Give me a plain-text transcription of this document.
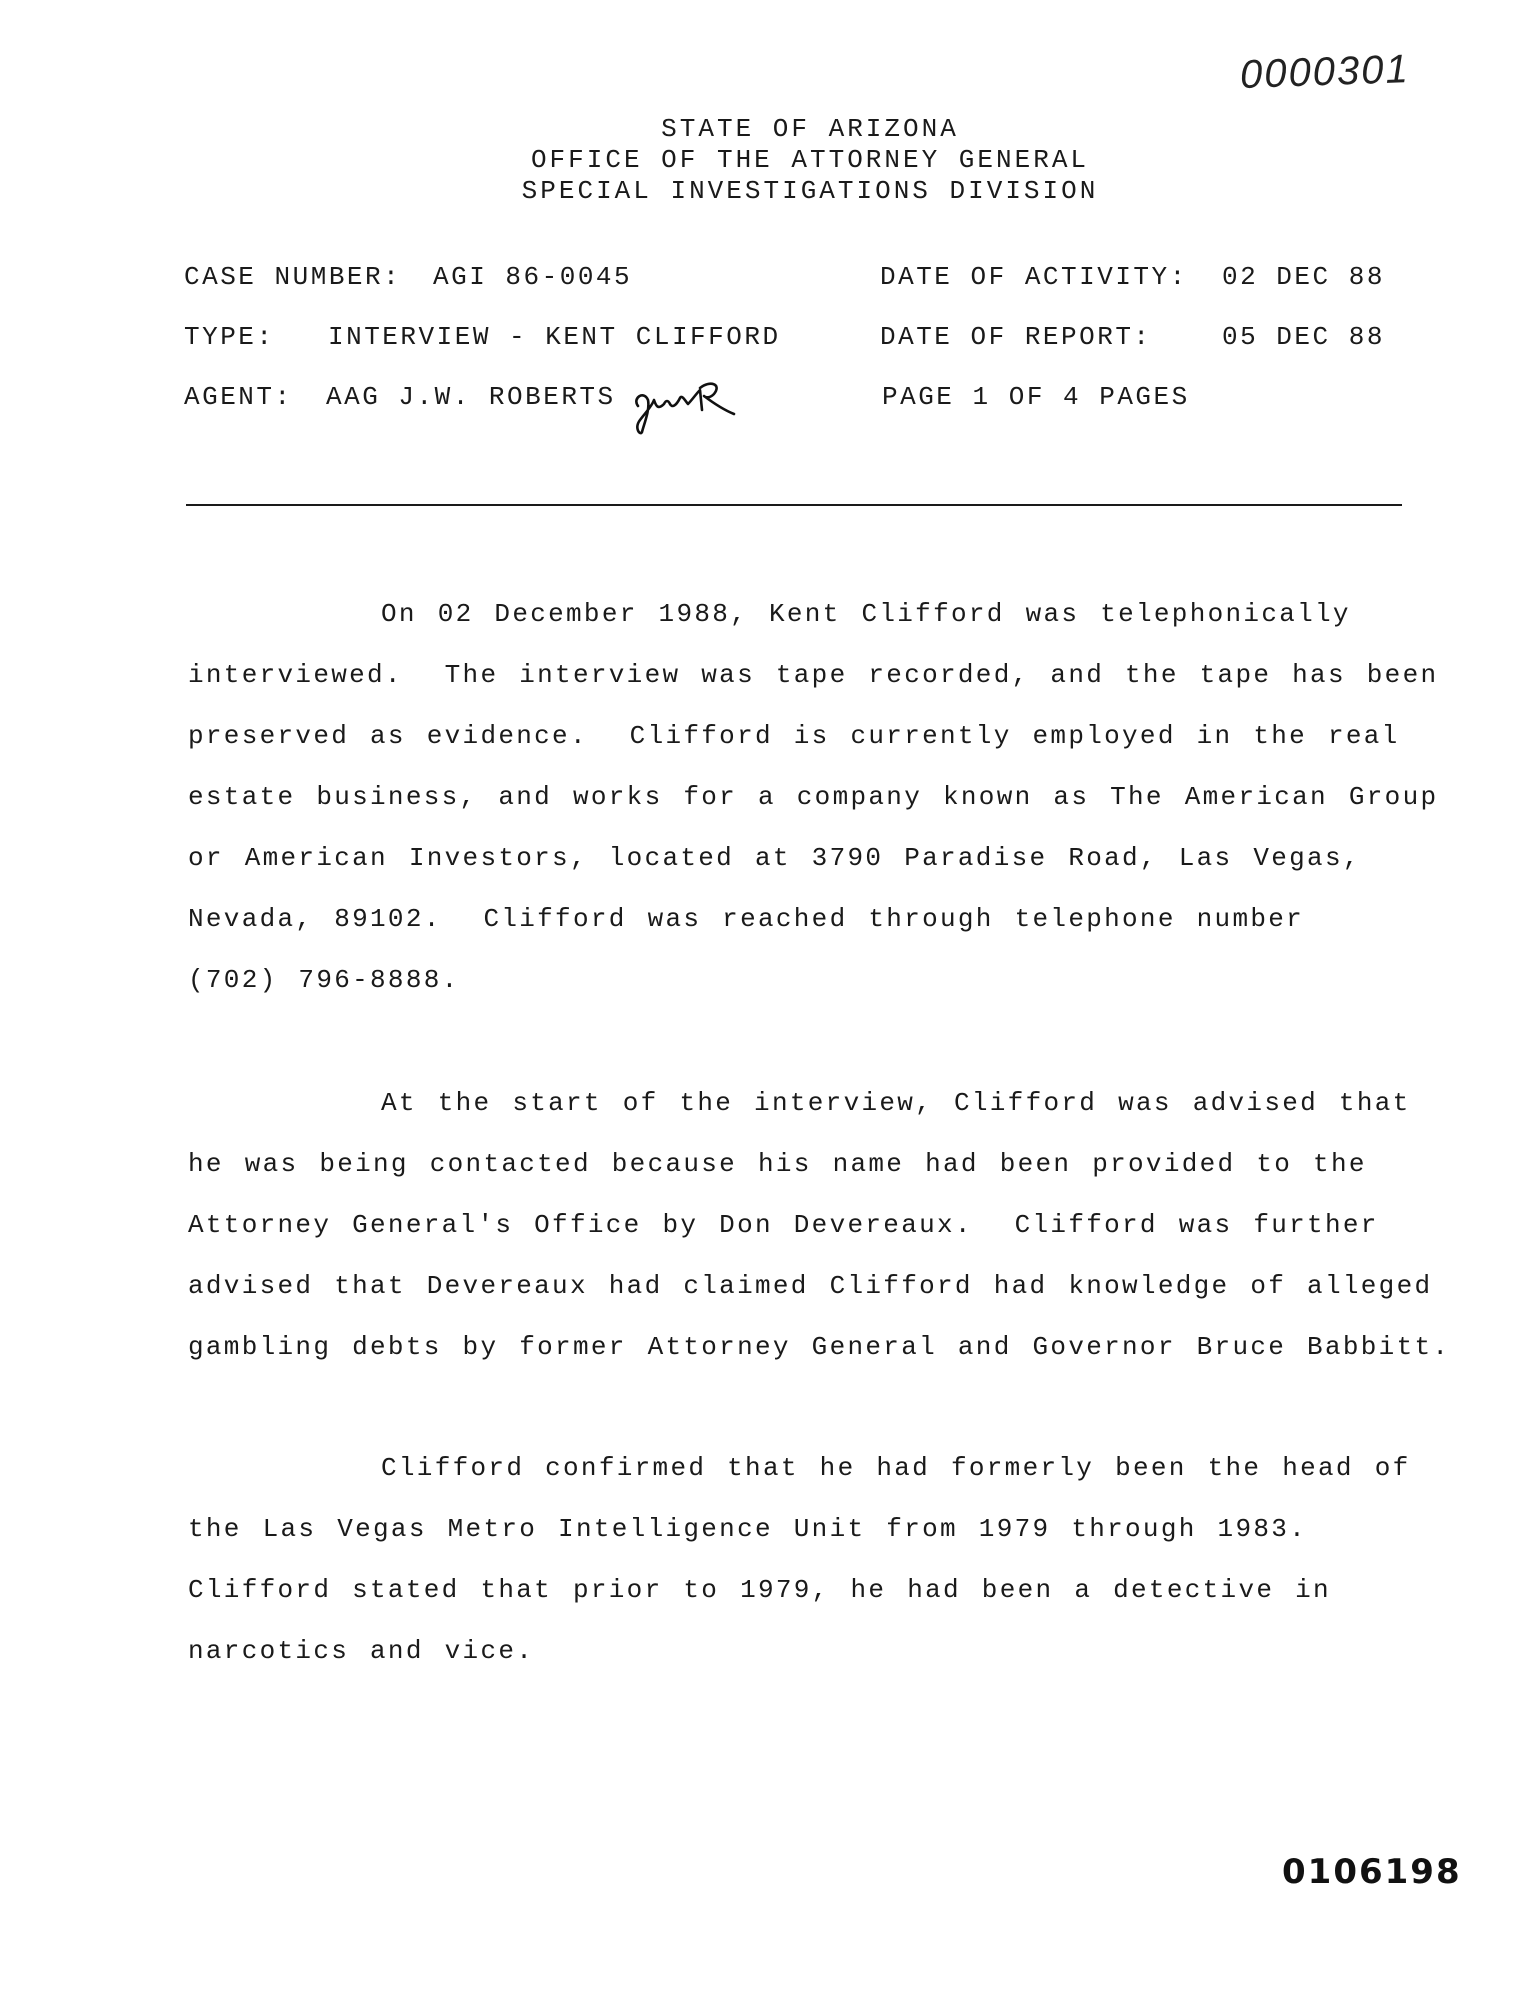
0000301
STATE OF ARIZONA
OFFICE OF THE ATTORNEY GENERAL
SPECIAL INVESTIGATIONS DIVISION
CASE NUMBER: AGI 86-0045
TYPE: INTERVIEW - KENT CLIFFORD
AGENT: AAG J.W. ROBERTS
DATE OF ACTIVITY: 02 DEC 88
DATE OF REPORT:	05 DEC 88
PAGE 1 OF 4 PAGES
On 02 December 1988, Kent Clifford was telephonically
interviewed.  The interview was tape recorded, and the tape has been
preserved as evidence.  Clifford is currently employed in the real
estate business, and works for a company known as The American Group
or American Investors, located at 3790 Paradise Road, Las Vegas,
Nevada, 89102.  Clifford was reached through telephone number
(702) 796-8888.
At the start of the interview, Clifford was advised that
he was being contacted because his name had been provided to the
Attorney General's Office by Don Devereaux.  Clifford was further
advised that Devereaux had claimed Clifford had knowledge of alleged
gambling debts by former Attorney General and Governor Bruce Babbitt.
Clifford confirmed that he had formerly been the head of
the Las Vegas Metro Intelligence Unit from 1979 through 1983.
Clifford stated that prior to 1979, he had been a detective in
narcotics and vice.
0106198
